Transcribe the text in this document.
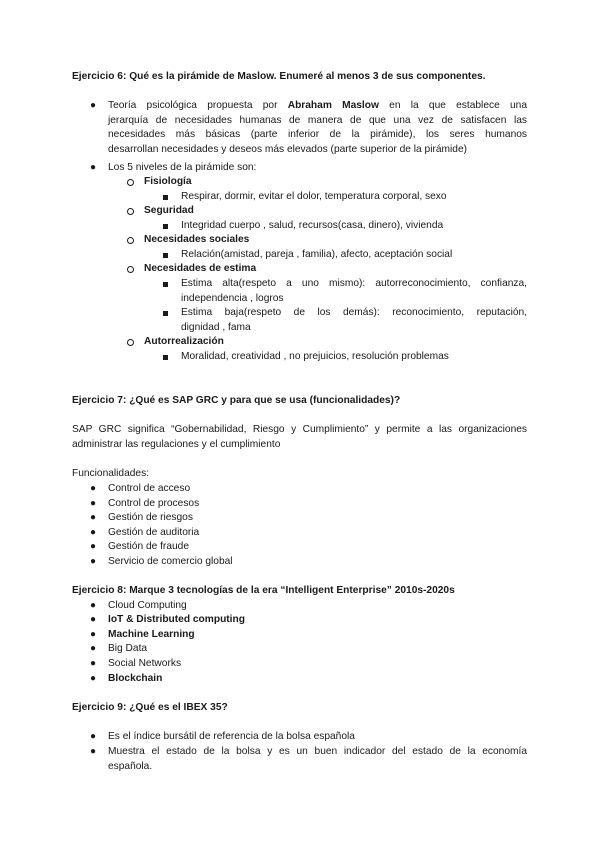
Ejercicio 6: Qué es la pirámide de Maslow. Enumeré al menos 3 de sus componentes.
● Teoría psicológica propuesta por Abraham Maslow en la que establece una
jerarquía de necesidades humanas de manera de que una vez de satisfacen las
necesidades más básicas (parte inferior de la pirámide), los seres humanos
desarrollan necesidades y deseos más elevados (parte superior de la pirámide)
● Los 5 niveles de la pirámide son:
Fisiología
Respirar, dormir, evitar el dolor, temperatura corporal, sexo
Seguridad
Integridad cuerpo , salud, recursos(casa, dinero), vivienda
Necesidades sociales
Relación(amistad, pareja , familia), afecto, aceptación social
Necesidades de estima
Estima alta(respeto a uno mismo): autorreconocimiento, confianza,
independencia , logros
Estima baja(respeto de los demás): reconocimiento, reputación,
dignidad , fama
Autorrealización
Moralidad, creatividad , no prejuicios, resolución problemas
Ejercicio 7: ¿Qué es SAP GRC y para que se usa (funcionalidades)?
SAP GRC significa “Gobernabilidad, Riesgo y Cumplimiento” y permite a las organizaciones
administrar las regulaciones y el cumplimiento
Funcionalidades:
● Control de acceso
● Control de procesos
● Gestión de riesgos
● Gestión de auditoria
● Gestión de fraude
● Servicio de comercio global
Ejercicio 8: Marque 3 tecnologías de la era “Intelligent Enterprise” 2010s-2020s
● Cloud Computing
● IoT & Distributed computing
● Machine Learning
● Big Data
● Social Networks
● Blockchain
Ejercicio 9: ¿Qué es el IBEX 35?
● Es el índice bursátil de referencia de la bolsa española
● Muestra el estado de la bolsa y es un buen indicador del estado de la economía
española.
